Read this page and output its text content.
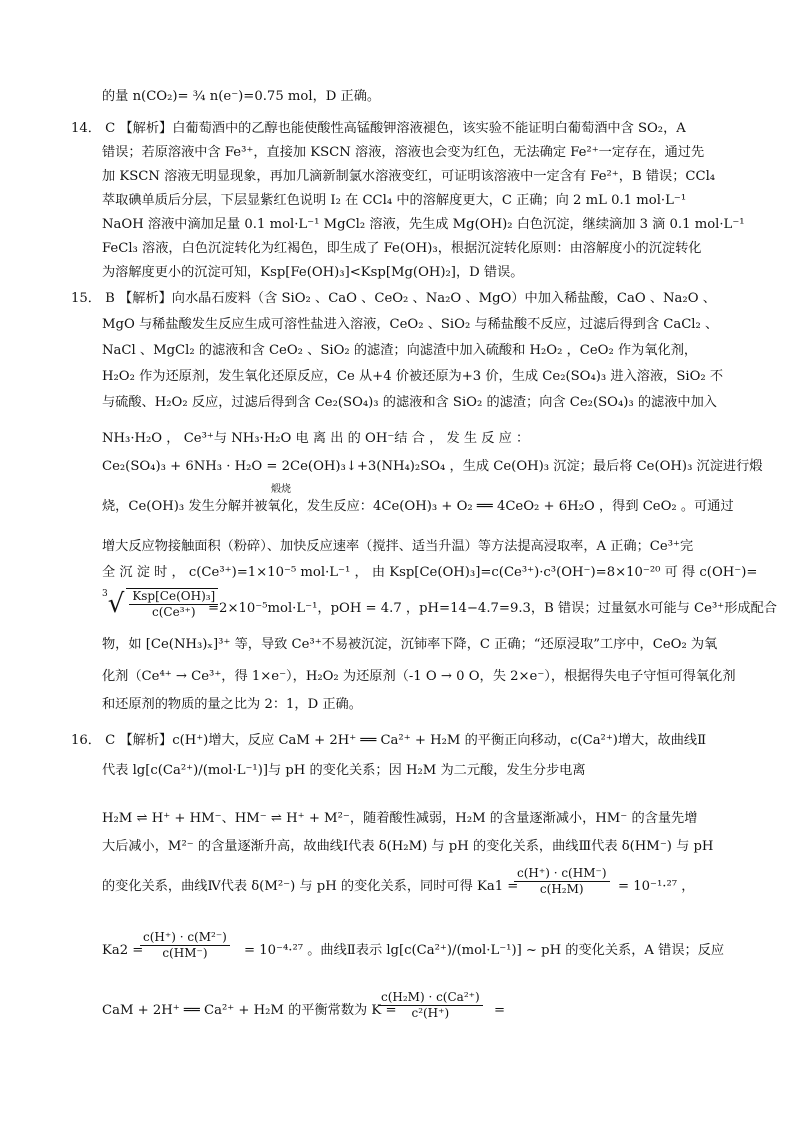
的量 n(CO₂)= ¾ n(e⁻)=0.75 mol，D 正确。
14． C 【解析】白葡萄酒中的乙醇也能使酸性高锰酸钾溶液褪色，该实验不能证明白葡萄酒中含 SO₂，A
错误；若原溶液中含 Fe³⁺，直接加 KSCN 溶液，溶液也会变为红色，无法确定 Fe²⁺一定存在，通过先
加 KSCN 溶液无明显现象，再加几滴新制氯水溶液变红，可证明该溶液中一定含有 Fe²⁺，B 错误；CCl₄
萃取碘单质后分层，下层显紫红色说明 I₂ 在 CCl₄ 中的溶解度更大，C 正确；向 2 mL 0.1 mol·L⁻¹
NaOH 溶液中滴加足量 0.1 mol·L⁻¹ MgCl₂ 溶液，先生成 Mg(OH)₂ 白色沉淀，继续滴加 3 滴 0.1 mol·L⁻¹
FeCl₃ 溶液，白色沉淀转化为红褐色，即生成了 Fe(OH)₃，根据沉淀转化原则：由溶解度小的沉淀转化
为溶解度更小的沉淀可知，Ksp[Fe(OH)₃]<Ksp[Mg(OH)₂]，D 错误。
15． B 【解析】向水晶石废料（含 SiO₂ 、CaO 、CeO₂ 、Na₂O 、MgO）中加入稀盐酸，CaO 、Na₂O 、
MgO 与稀盐酸发生反应生成可溶性盐进入溶液，CeO₂ 、SiO₂ 与稀盐酸不反应，过滤后得到含 CaCl₂ 、
NaCl 、MgCl₂ 的滤液和含 CeO₂ 、SiO₂ 的滤渣；向滤渣中加入硫酸和 H₂O₂ ，CeO₂ 作为氧化剂，
H₂O₂ 作为还原剂，发生氧化还原反应，Ce 从+4 价被还原为+3 价，生成 Ce₂(SO₄)₃ 进入溶液，SiO₂ 不
与硫酸、H₂O₂ 反应，过滤后得到含 Ce₂(SO₄)₃ 的滤液和含 SiO₂ 的滤渣；向含 Ce₂(SO₄)₃ 的滤液中加入
NH₃·H₂O ， Ce³⁺与 NH₃·H₂O 电 离 出 的 OH⁻结 合 ， 发 生 反 应 ：
Ce₂(SO₄)₃ + 6NH₃ · H₂O = 2Ce(OH)₃↓+3(NH₄)₂SO₄ ，生成 Ce(OH)₃ 沉淀；最后将 Ce(OH)₃ 沉淀进行煅
煅烧
烧，Ce(OH)₃ 发生分解并被氧化，发生反应：4Ce(OH)₃ + O₂ ══ 4CeO₂ + 6H₂O ，得到 CeO₂ 。可通过
增大反应物接触面积（粉碎）、加快反应速率（搅拌、适当升温）等方法提高浸取率，A 正确；Ce³⁺完
全 沉 淀 时 ， c(Ce³⁺)=1×10⁻⁵ mol·L⁻¹ ， 由 Ksp[Ce(OH)₃]=c(Ce³⁺)·c³(OH⁻)=8×10⁻²⁰ 可 得 c(OH⁻)=
$^3√ \frac{\text{Ksp[Ce(OH)₃]}}{\text{c(Ce³⁺)}}$
=2×10⁻⁵mol·L⁻¹，pOH = 4.7 ，pH=14−4.7=9.3，B 错误；过量氨水可能与 Ce³⁺形成配合
物，如 [Ce(NH₃)ₓ]³⁺ 等，导致 Ce³⁺不易被沉淀，沉铈率下降，C 正确；“还原浸取”工序中，CeO₂ 为氧
化剂（Ce⁴⁺ → Ce³⁺，得 1×e⁻），H₂O₂ 为还原剂（-1 O → 0 O，失 2×e⁻），根据得失电子守恒可得氧化剂
和还原剂的物质的量之比为 2：1，D 正确。
16． C 【解析】c(H⁺)增大，反应 CaM + 2H⁺ ══ Ca²⁺ + H₂M 的平衡正向移动，c(Ca²⁺)增大，故曲线Ⅱ
代表 lg[c(Ca²⁺)/(mol·L⁻¹)]与 pH 的变化关系；因 H₂M 为二元酸，发生分步电离
H₂M ⇌ H⁺ + HM⁻、HM⁻ ⇌ H⁺ + M²⁻，随着酸性减弱，H₂M 的含量逐渐减小，HM⁻ 的含量先增
大后减小，M²⁻ 的含量逐渐升高，故曲线Ⅰ代表 δ(H₂M) 与 pH 的变化关系，曲线Ⅲ代表 δ(HM⁻) 与 pH
的变化关系，曲线Ⅳ代表 δ(M²⁻) 与 pH 的变化关系，同时可得 Ka1 =
$\frac{c(H^+) \cdot c(HM^-)}{\text{c(H₂M)}} = 10^{-1}\cdot^{27}$ ，
Ka2 =
$\frac{\text{c(H⁺) · c(M²⁻)}}{c(HM^-)} = 10^{-4}\cdot^{27}$ 。曲线Ⅱ表示 lg[c(Ca²⁺)/(mol·L⁻¹)] ~ pH 的变化关系，A 错误；反应
CaM + 2H⁺ ══ Ca²⁺ + H₂M 的平衡常数为 K =
$\frac{\text{c(H₂M) · c(Ca²⁺)}}{\text{c²(H⁺)}}$ =
